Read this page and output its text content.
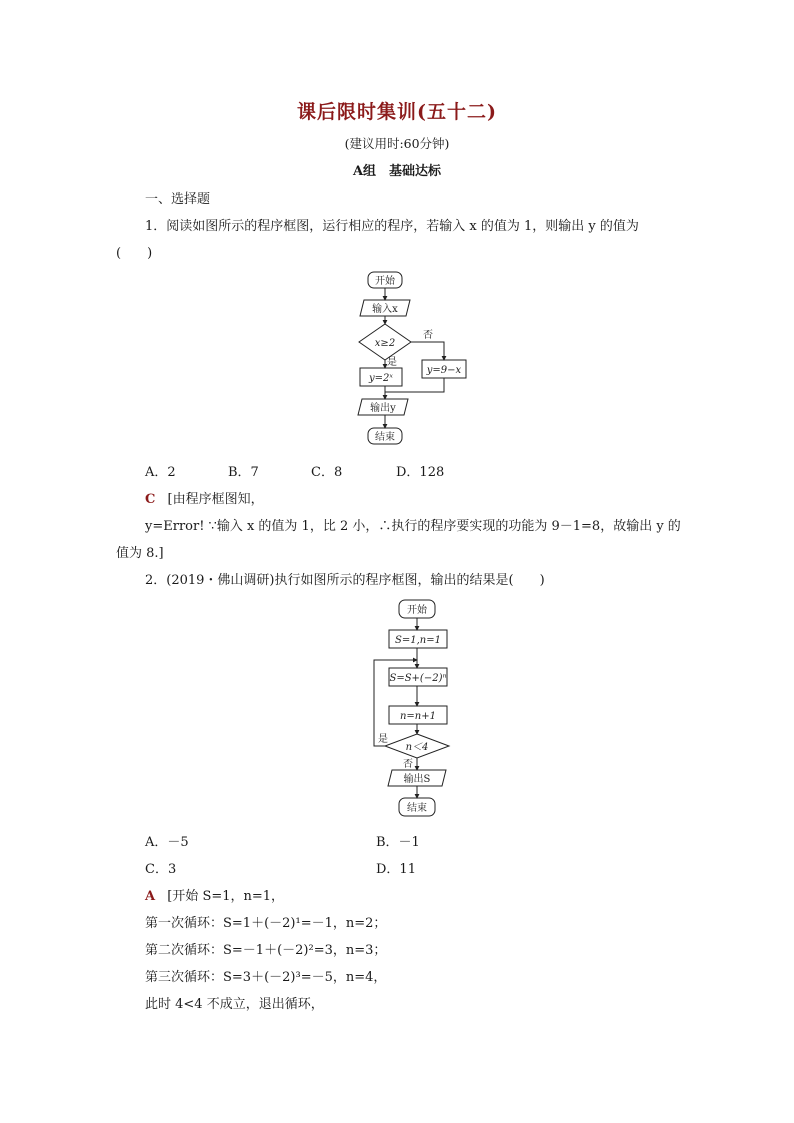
课后限时集训(五十二)
(建议用时:60分钟)
A组　基础达标
一、选择题
1．阅读如图所示的程序框图，运行相应的程序，若输入 x 的值为 1，则输出 y 的值为
(　　)
开始
输入x
x≥2
否
是
y=2ˣ
y=9−x
输出y
结束
A．2	B．7	C．8	D．128
C [由程序框图知，
y=Error! ∵输入 x 的值为 1，比 2 小，∴执行的程序要实现的功能为 9－1=8，故输出 y 的
值为 8.]
2．(2019・佛山调研)执行如图所示的程序框图，输出的结果是(　　)
开始
S=1,n=1
S=S+(−2)ⁿ
n=n+1
n＜4
是
否
输出S
结束
A．－5	B．－1
C．3	D．11
A [开始 S=1，n=1，
第一次循环：S=1＋(－2)¹=－1，n=2；
第二次循环：S=－1＋(－2)²=3，n=3；
第三次循环：S=3＋(－2)³=－5，n=4，
此时 4<4 不成立，退出循环，
